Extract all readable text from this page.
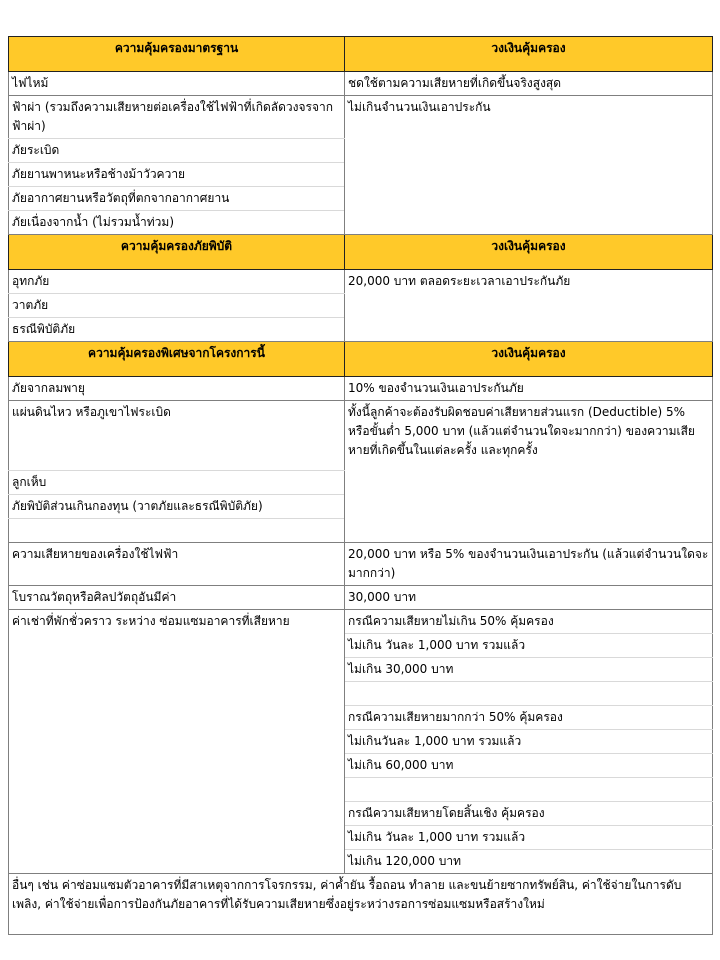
ความคุ้มครองมาตรฐาน	วงเงินคุ้มครอง
ไฟไหม้	ชดใช้ตามความเสียหายที่เกิดขึ้นจริงสูงสุด
ฟ้าผ่า (รวมถึงความเสียหายต่อเครื่องใช้ไฟฟ้าที่เกิดลัดวงจรจากฟ้าผ่า)	ไม่เกินจำนวนเงินเอาประกัน
ภัยระเบิด	
ภัยยานพาหนะหรือช้างม้าวัวควาย	
ภัยอากาศยานหรือวัตถุที่ตกจากอากาศยาน	
ภัยเนื่องจากน้ำ (ไม่รวมน้ำท่วม)	
ความคุ้มครองภัยพิบัติ	วงเงินคุ้มครอง
อุทกภัย	20,000 บาท ตลอดระยะเวลาเอาประกันภัย
วาตภัย	
ธรณีพิบัติภัย	
ความคุ้มครองพิเศษจากโครงการนี้	วงเงินคุ้มครอง
ภัยจากลมพายุ	10% ของจำนวนเงินเอาประกันภัย
แผ่นดินไหว หรือภูเขาไฟระเบิด	ทั้งนี้ลูกค้าจะต้องรับผิดชอบค่าเสียหายส่วนแรก (Deductible) 5% หรือขั้นต่ำ 5,000 บาท (แล้วแต่จำนวนใดจะมากกว่า) ของความเสียหายที่เกิดขึ้นในแต่ละครั้ง และทุกครั้ง
ลูกเห็บ	
ภัยพิบัติส่วนเกินกองทุน (วาตภัยและธรณีพิบัติภัย)	

ความเสียหายของเครื่องใช้ไฟฟ้า	20,000 บาท หรือ 5% ของจำนวนเงินเอาประกัน (แล้วแต่จำนวนใดจะมากกว่า)
โบราณวัตถุหรือศิลปวัตถุอันมีค่า	30,000 บาท
ค่าเช่าที่พักชั่วคราว ระหว่าง ซ่อมแซมอาคารที่เสียหาย	กรณีความเสียหายไม่เกิน 50% คุ้มครอง
	ไม่เกิน วันละ 1,000 บาท รวมแล้ว
	ไม่เกิน 30,000 บาท

	กรณีความเสียหายมากกว่า 50% คุ้มครอง
	ไม่เกินวันละ 1,000 บาท รวมแล้ว
	ไม่เกิน 60,000 บาท

	กรณีความเสียหายโดยสิ้นเชิง คุ้มครอง
	ไม่เกิน วันละ 1,000 บาท รวมแล้ว
	ไม่เกิน 120,000 บาท
อื่นๆ เช่น ค่าซ่อมแซมตัวอาคารที่มีสาเหตุจากการโจรกรรม, ค่าค้ำยัน รื้อถอน ทำลาย และขนย้ายซากทรัพย์สิน, ค่าใช้จ่ายในการดับเพลิง, ค่าใช้จ่ายเพื่อการป้องกันภัยอาคารที่ได้รับความเสียหายซึ่งอยู่ระหว่างรอการซ่อมแซมหรือสร้างใหม่	
